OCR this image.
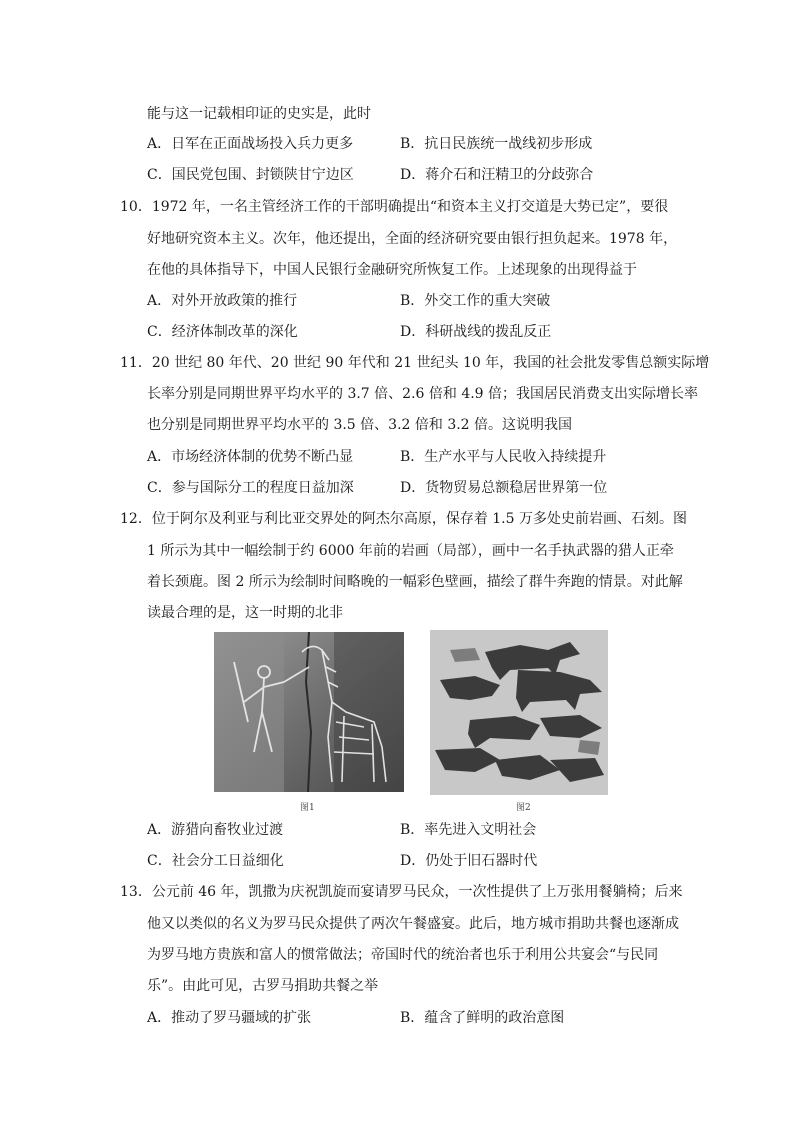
能与这一记载相印证的史实是，此时
A．日军在正面战场投入兵力更多	B．抗日民族统一战线初步形成
C．国民党包围、封锁陕甘宁边区	D．蒋介石和汪精卫的分歧弥合
10．1972 年，一名主管经济工作的干部明确提出“和资本主义打交道是大势已定”，要很
好地研究资本主义。次年，他还提出，全面的经济研究要由银行担负起来。1978 年，
在他的具体指导下，中国人民银行金融研究所恢复工作。上述现象的出现得益于
A．对外开放政策的推行	B．外交工作的重大突破
C．经济体制改革的深化	D．科研战线的拨乱反正
11．20 世纪 80 年代、20 世纪 90 年代和 21 世纪头 10 年，我国的社会批发零售总额实际增
长率分别是同期世界平均水平的 3.7 倍、2.6 倍和 4.9 倍；我国居民消费支出实际增长率
也分别是同期世界平均水平的 3.5 倍、3.2 倍和 3.2 倍。这说明我国
A．市场经济体制的优势不断凸显	B．生产水平与人民收入持续提升
C．参与国际分工的程度日益加深	D．货物贸易总额稳居世界第一位
12．位于阿尔及利亚与利比亚交界处的阿杰尔高原，保存着 1.5 万多处史前岩画、石刻。图
1 所示为其中一幅绘制于约 6000 年前的岩画（局部），画中一名手执武器的猎人正牵
着长颈鹿。图 2 所示为绘制时间略晚的一幅彩色壁画，描绘了群牛奔跑的情景。对此解
读最合理的是，这一时期的北非
图1	图2
A．游猎向畜牧业过渡	B．率先进入文明社会
C．社会分工日益细化	D．仍处于旧石器时代
13．公元前 46 年，凯撒为庆祝凯旋而宴请罗马民众，一次性提供了上万张用餐躺椅；后来
他又以类似的名义为罗马民众提供了两次午餐盛宴。此后，地方城市捐助共餐也逐渐成
为罗马地方贵族和富人的惯常做法；帝国时代的统治者也乐于利用公共宴会“与民同
乐”。由此可见，古罗马捐助共餐之举
A．推动了罗马疆域的扩张	B．蕴含了鲜明的政治意图
